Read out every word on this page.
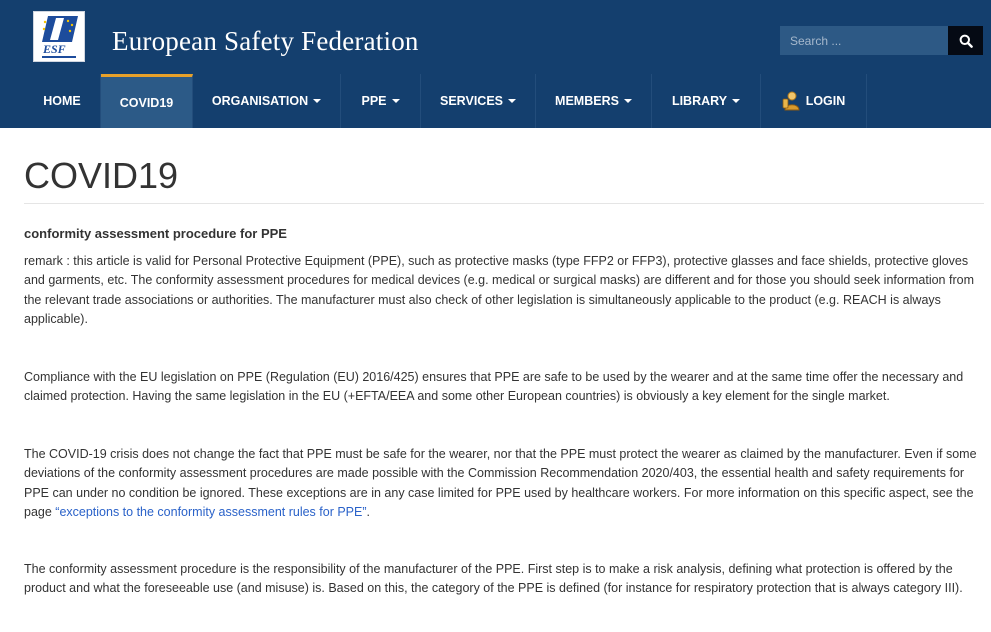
ESF European Safety Federation
Search ...
HOME	COVID19	ORGANISATION	PPE	SERVICES	MEMBERS	LIBRARY	LOGIN
COVID19
conformity assessment procedure for PPE

remark : this article is valid for Personal Protective Equipment (PPE), such as protective masks (type FFP2 or FFP3), protective glasses and face shields, protective gloves and garments, etc. The conformity assessment procedures for medical devices (e.g. medical or surgical masks) are different and for those you should seek information from the relevant trade associations or authorities. The manufacturer must also check of other legislation is simultaneously applicable to the product (e.g. REACH is always applicable).

Compliance with the EU legislation on PPE (Regulation (EU) 2016/425) ensures that PPE are safe to be used by the wearer and at the same time offer the necessary and claimed protection. Having the same legislation in the EU (+EFTA/EEA and some other European countries) is obviously a key element for the single market.

The COVID-19 crisis does not change the fact that PPE must be safe for the wearer, nor that the PPE must protect the wearer as claimed by the manufacturer. Even if some deviations of the conformity assessment procedures are made possible with the Commission Recommendation 2020/403, the essential health and safety requirements for PPE can under no condition be ignored. These exceptions are in any case limited for PPE used by healthcare workers. For more information on this specific aspect, see the page “exceptions to the conformity assessment rules for PPE”.

The conformity assessment procedure is the responsibility of the manufacturer of the PPE. First step is to make a risk analysis, defining what protection is offered by the product and what the foreseeable use (and misuse) is. Based on this, the category of the PPE is defined (for instance for respiratory protection that is always category III).
